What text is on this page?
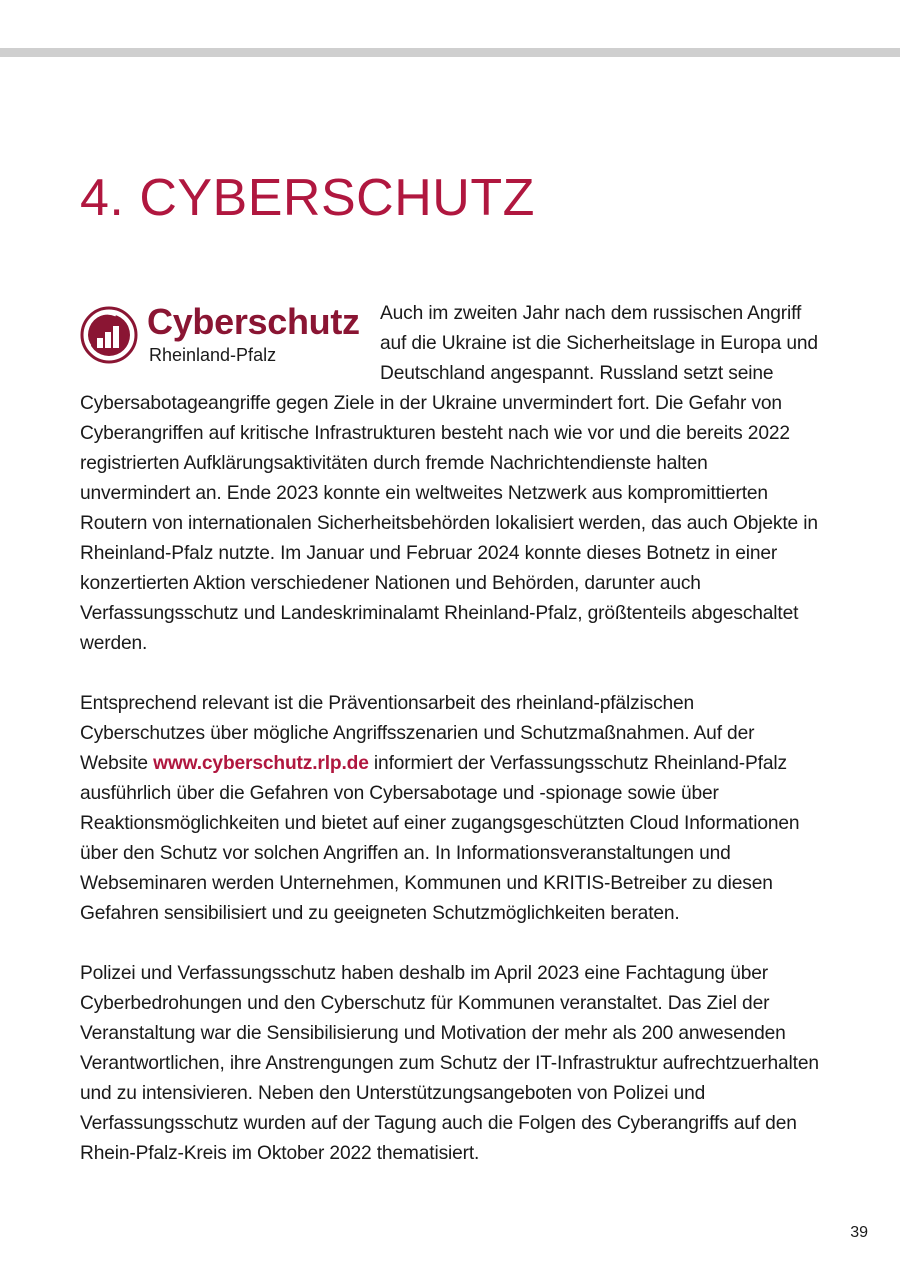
4. CYBERSCHUTZ
Cyberschutz
Rheinland-Pfalz

Auch im zweiten Jahr nach dem russischen Angriff auf die Ukraine ist die Sicherheitslage in Europa und Deutschland angespannt. Russland setzt seine Cybersabotageangriffe gegen Ziele in der Ukraine unvermindert fort. Die Gefahr von Cyberangriffen auf kritische Infrastrukturen besteht nach wie vor und die bereits 2022 registrierten Aufklärungsaktivitäten durch fremde Nachrichtendienste halten unvermindert an. Ende 2023 konnte ein weltweites Netzwerk aus kompromittierten Routern von internationalen Sicherheitsbehörden lokalisiert werden, das auch Objekte in Rheinland-Pfalz nutzte. Im Januar und Februar 2024 konnte dieses Botnetz in einer konzertierten Aktion verschiedener Nationen und Behörden, darunter auch Verfassungsschutz und Landeskriminalamt Rheinland-Pfalz, größtenteils abgeschaltet werden.

Entsprechend relevant ist die Präventionsarbeit des rheinland-pfälzischen Cyberschutzes über mögliche Angriffsszenarien und Schutzmaßnahmen. Auf der Website www.cyberschutz.rlp.de informiert der Verfassungsschutz Rheinland-Pfalz ausführlich über die Gefahren von Cybersabotage und -spionage sowie über Reaktionsmöglichkeiten und bietet auf einer zugangsgeschützten Cloud Informationen über den Schutz vor solchen Angriffen an. In Informationsveranstaltungen und Webseminaren werden Unternehmen, Kommunen und KRITIS-Betreiber zu diesen Gefahren sensibilisiert und zu geeigneten Schutzmöglichkeiten beraten.

Polizei und Verfassungsschutz haben deshalb im April 2023 eine Fachtagung über Cyberbedrohungen und den Cyberschutz für Kommunen veranstaltet. Das Ziel der Veranstaltung war die Sensibilisierung und Motivation der mehr als 200 anwesenden Verantwortlichen, ihre Anstrengungen zum Schutz der IT-Infrastruktur aufrechtzuerhalten und zu intensivieren. Neben den Unterstützungsangeboten von Polizei und Verfassungsschutz wurden auf der Tagung auch die Folgen des Cyberangriffs auf den Rhein-Pfalz-Kreis im Oktober 2022 thematisiert.

39
